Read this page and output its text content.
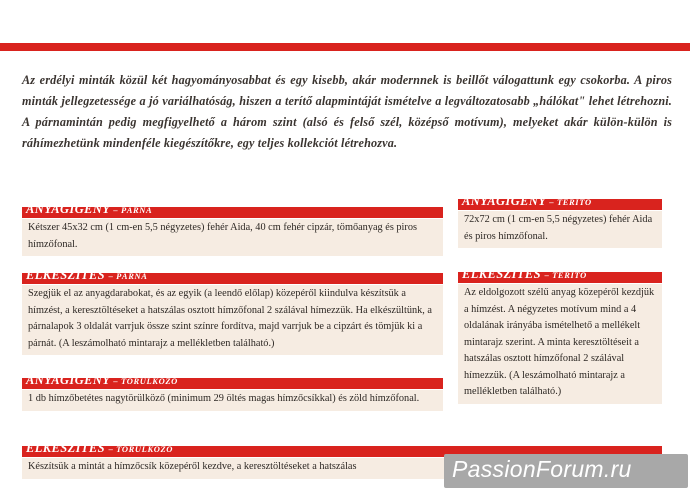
Az erdélyi minták közül két hagyományosabbat és egy kisebb, akár modernnek is beillőt válogattunk egy csokorba. A piros minták jellegzetessége a jó variálhatóság, hiszen a terítő alapmintáját ismételve a legváltozatosabb „hálókat" lehet létrehozni. A párnamintán pedig megfigyelhető a három szint (alsó és felső szél, középső motívum), melyeket akár külön-külön is ráhímezhetünk mindenféle kiegészítőkre, egy teljes kollekciót létrehozva.
ANYAGIGÉNY – PÁRNA
Kétszer 45x32 cm (1 cm-en 5,5 négyzetes) fehér Aida, 40 cm fehér cipzár, tömőanyag és piros hímzőfonal.
ANYAGIGÉNY – TERÍTŐ
72x72 cm (1 cm-en 5,5 négyzetes) fehér Aida és piros hímzőfonal.
ELKÉSZÍTÉS – PÁRNA
Szegjük el az anyagdarabokat, és az egyik (a leendő előlap) közepéről kiindulva készítsük a hímzést, a keresztöltéseket a hatszálas osztott hímzőfonal 2 szálával hímezzük. Ha elkészültünk, a párnalapok 3 oldalát varrjuk össze szint színre fordítva, majd varrjuk be a cipzárt és tömjük ki a párnát. (A leszámolható mintarajz a mellékletben található.)
ELKÉSZÍTÉS – TERÍTŐ
Az eldolgozott szélű anyag közepéről kezdjük a hímzést. A négyzetes motívum mind a 4 oldalának irányába ismételhető a mellékelt mintarajz szerint. A minta keresztöltéseit a hatszálas osztott hímzőfonal 2 szálával hímezzük. (A leszámolható mintarajz a mellékletben található.)
ANYAGIGÉNY – TÖRÜLKÖZŐ
1 db hímzőbetétes nagytörülköző (minimum 29 öltés magas hímzőcsíkkal) és zöld hímzőfonal.
ELKÉSZÍTÉS – TÖRÜLKÖZŐ
Készítsük a mintát a hímzőcsík közepéről kezdve, a keresztöltéseket a hatszálas	PassionForum.ru
